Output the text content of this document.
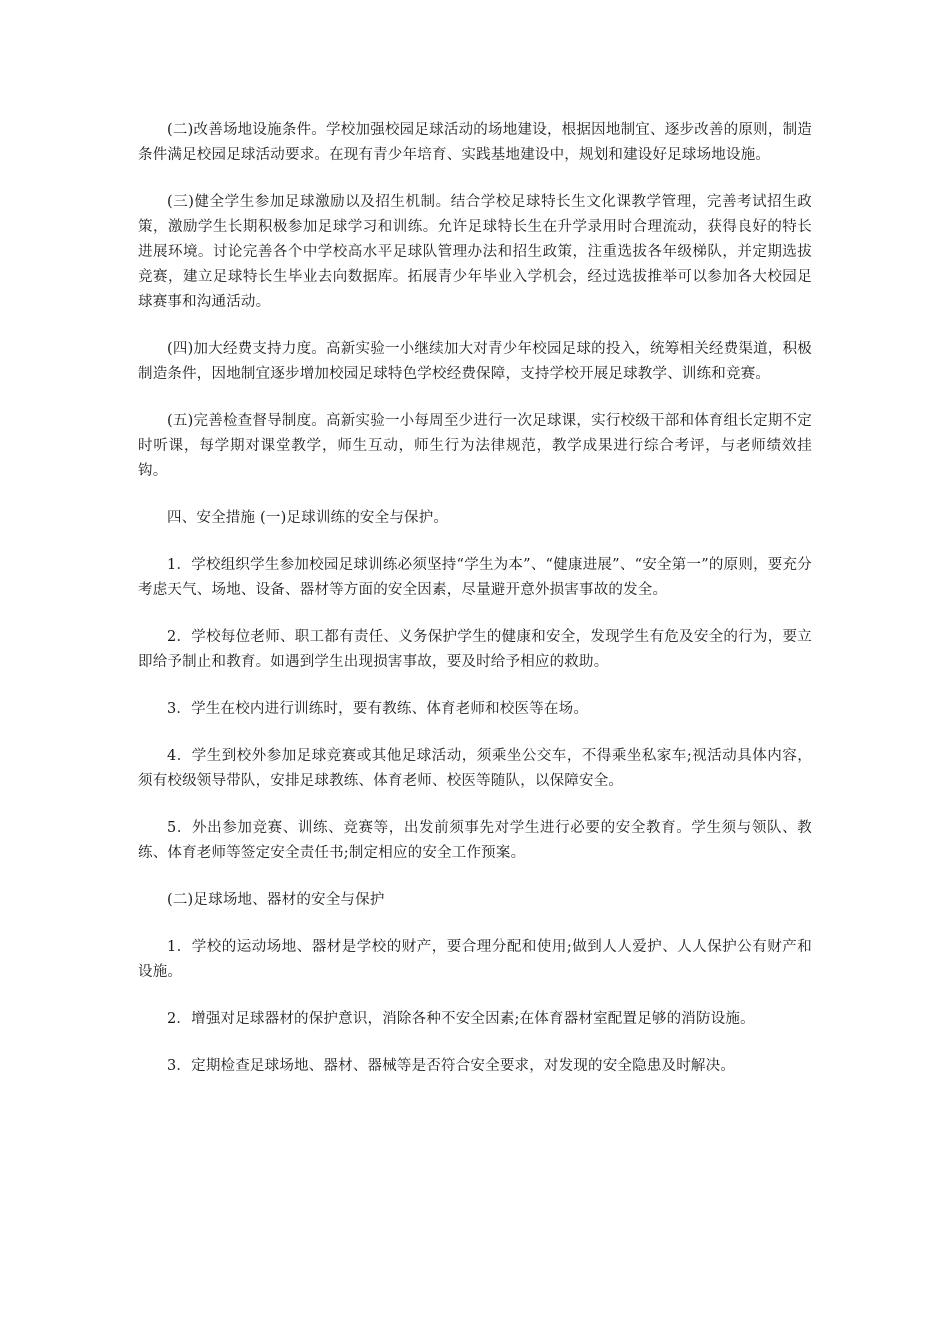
(二)改善场地设施条件。学校加强校园足球活动的场地建设，根据因地制宜、逐步改善的原则，制造条件满足校园足球活动要求。在现有青少年培育、实践基地建设中，规划和建设好足球场地设施。

(三)健全学生参加足球激励以及招生机制。结合学校足球特长生文化课教学管理，完善考试招生政策，激励学生长期积极参加足球学习和训练。允许足球特长生在升学录用时合理流动，获得良好的特长进展环境。讨论完善各个中学校高水平足球队管理办法和招生政策，注重选拔各年级梯队，并定期选拔竞赛，建立足球特长生毕业去向数据库。拓展青少年毕业入学机会，经过选拔推举可以参加各大校园足球赛事和沟通活动。

(四)加大经费支持力度。高新实验一小继续加大对青少年校园足球的投入，统筹相关经费渠道，积极制造条件，因地制宜逐步增加校园足球特色学校经费保障，支持学校开展足球教学、训练和竞赛。

(五)完善检查督导制度。高新实验一小每周至少进行一次足球课，实行校级干部和体育组长定期不定时听课，每学期对课堂教学，师生互动，师生行为法律规范，教学成果进行综合考评，与老师绩效挂钩。

四、安全措施 (一)足球训练的安全与保护。

1．学校组织学生参加校园足球训练必须坚持“学生为本”、“健康进展”、“安全第一”的原则，要充分考虑天气、场地、设备、器材等方面的安全因素，尽量避开意外损害事故的发全。

2．学校每位老师、职工都有责任、义务保护学生的健康和安全，发现学生有危及安全的行为，要立即给予制止和教育。如遇到学生出现损害事故，要及时给予相应的救助。

3．学生在校内进行训练时，要有教练、体育老师和校医等在场。

4．学生到校外参加足球竞赛或其他足球活动，须乘坐公交车，不得乘坐私家车;视活动具体内容，须有校级领导带队，安排足球教练、体育老师、校医等随队，以保障安全。

5．外出参加竞赛、训练、竞赛等，出发前须事先对学生进行必要的安全教育。学生须与领队、教练、体育老师等签定安全责任书;制定相应的安全工作预案。

(二)足球场地、器材的安全与保护

1．学校的运动场地、器材是学校的财产，要合理分配和使用;做到人人爱护、人人保护公有财产和设施。

2．增强对足球器材的保护意识，消除各种不安全因素;在体育器材室配置足够的消防设施。

3．定期检查足球场地、器材、器械等是否符合安全要求，对发现的安全隐患及时解决。
